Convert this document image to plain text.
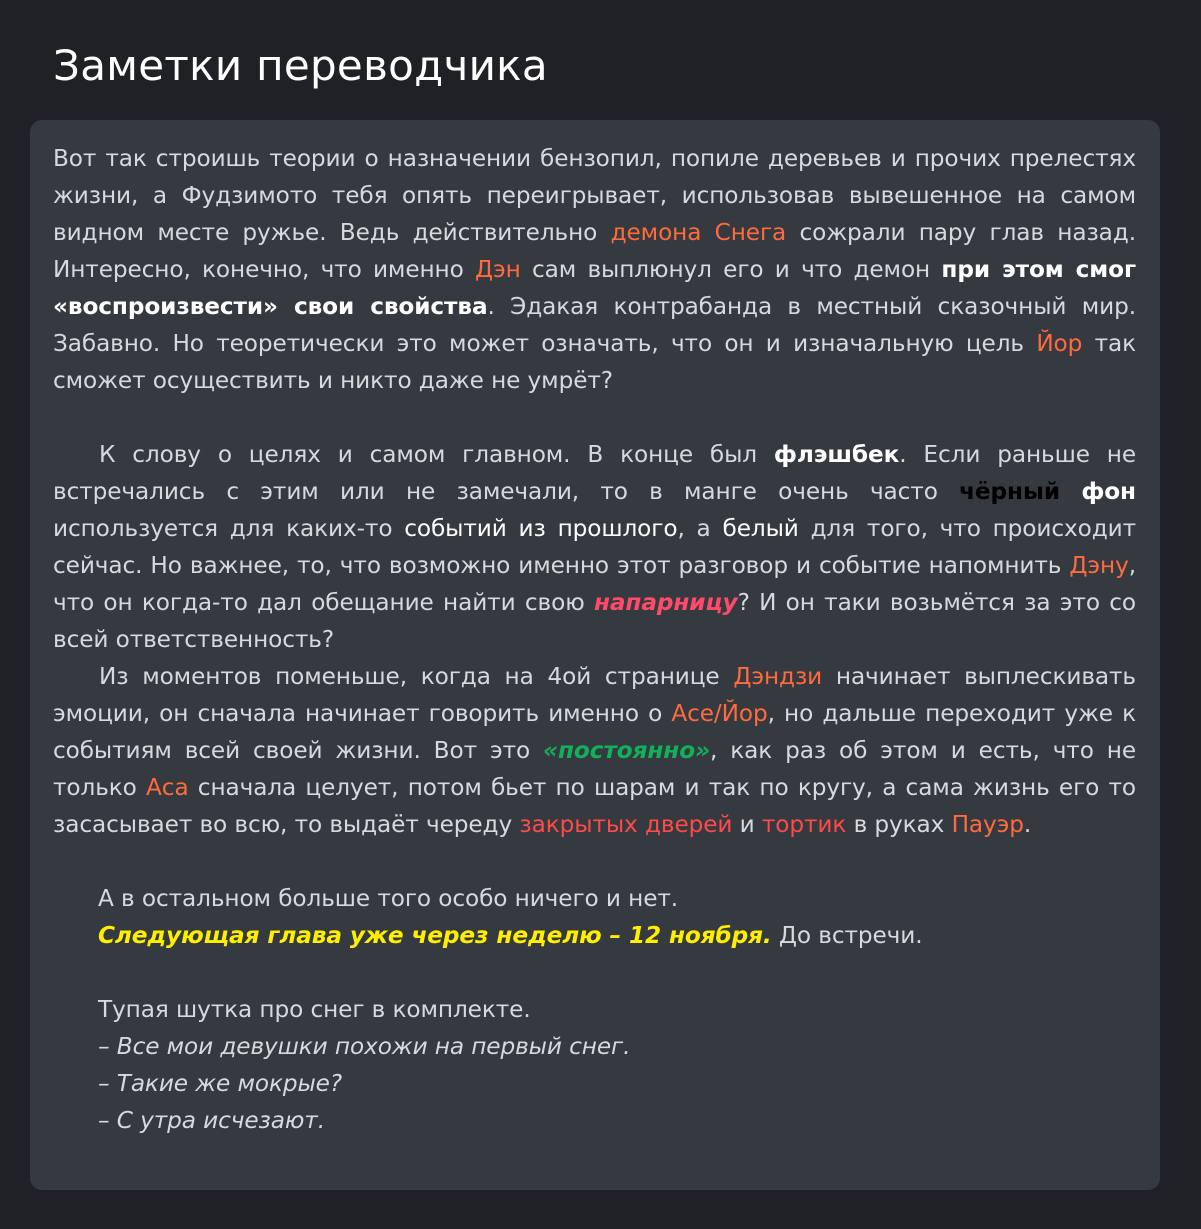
Заметки переводчика

Вот так строишь теории о назначении бензопил, попиле деревьев и прочих прелестях жизни, а Фудзимото тебя опять переигрывает, использовав вывешенное на самом видном месте ружье. Ведь действительно демона Снега сожрали пару глав назад. Интересно, конечно, что именно Дэн сам выплюнул его и что демон при этом смог «воспроизвести» свои свойства. Эдакая контрабанда в местный сказочный мир. Забавно. Но теоретически это может означать, что он и изначальную цель Йор так сможет осуществить и никто даже не умрёт?

К слову о целях и самом главном. В конце был флэшбек. Если раньше не встречались с этим или не замечали, то в манге очень часто чёрный фон используется для каких-то событий из прошлого, а белый для того, что происходит сейчас. Но важнее, то, что возможно именно этот разговор и событие напомнить Дэну, что он когда-то дал обещание найти свою напарницу? И он таки возьмётся за это со всей ответственность?

Из моментов поменьше, когда на 4ой странице Дэндзи начинает выплескивать эмоции, он сначала начинает говорить именно о Асе/Йор, но дальше переходит уже к событиям всей своей жизни. Вот это «постоянно», как раз об этом и есть, что не только Аса сначала целует, потом бьет по шарам и так по кругу, а сама жизнь его то засасывает во всю, то выдаёт череду закрытых дверей и тортик в руках Пауэр.

А в остальном больше того особо ничего и нет.
Следующая глава уже через неделю – 12 ноября. До встречи.

Тупая шутка про снег в комплекте.
– Все мои девушки похожи на первый снег.
– Такие же мокрые?
– С утра исчезают.
